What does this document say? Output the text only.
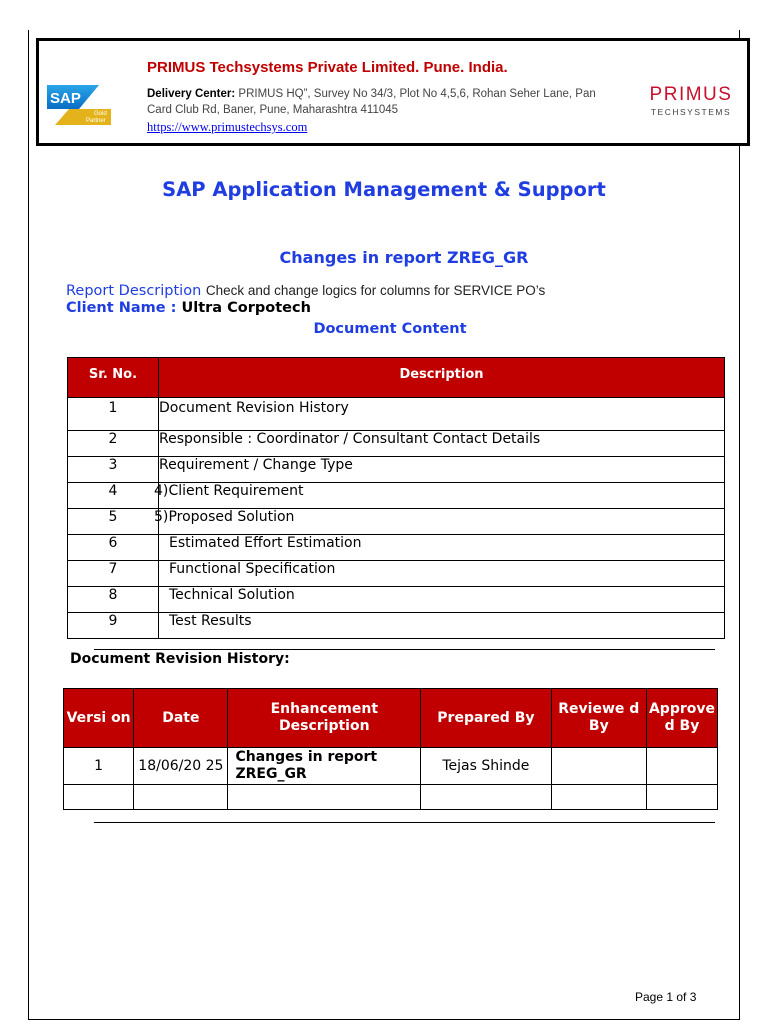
SAP
Gold
Partner
PRIMUS Techsystems Private Limited. Pune. India.
Delivery Center: PRIMUS HQ”, Survey No 34/3, Plot No 4,5,6, Rohan Seher Lane, Pan Card Club Rd, Baner, Pune, Maharashtra 411045
https://www.primustechsys.com
PRIMUS
TECHSYSTEMS
SAP Application Management & Support
Changes in report ZREG_GR
Report Description Check and change logics for columns for SERVICE PO’s
Client Name : Ultra Corpotech
Document Content
Sr. No.	Description
1	Document Revision History
2	Responsible : Coordinator / Consultant Contact Details
3	Requirement / Change Type
4	4) Client Requirement
5	5) Proposed Solution
6	Estimated Effort Estimation
7	Functional Specification
8	Technical Solution
9	Test Results
Document Revision History:
Versi on	Date	Enhancement Description	Prepared By	Reviewe d By	Approve d By
1	18/06/20 25	Changes in report ZREG_GR	Tejas Shinde		

Page 1 of 3
